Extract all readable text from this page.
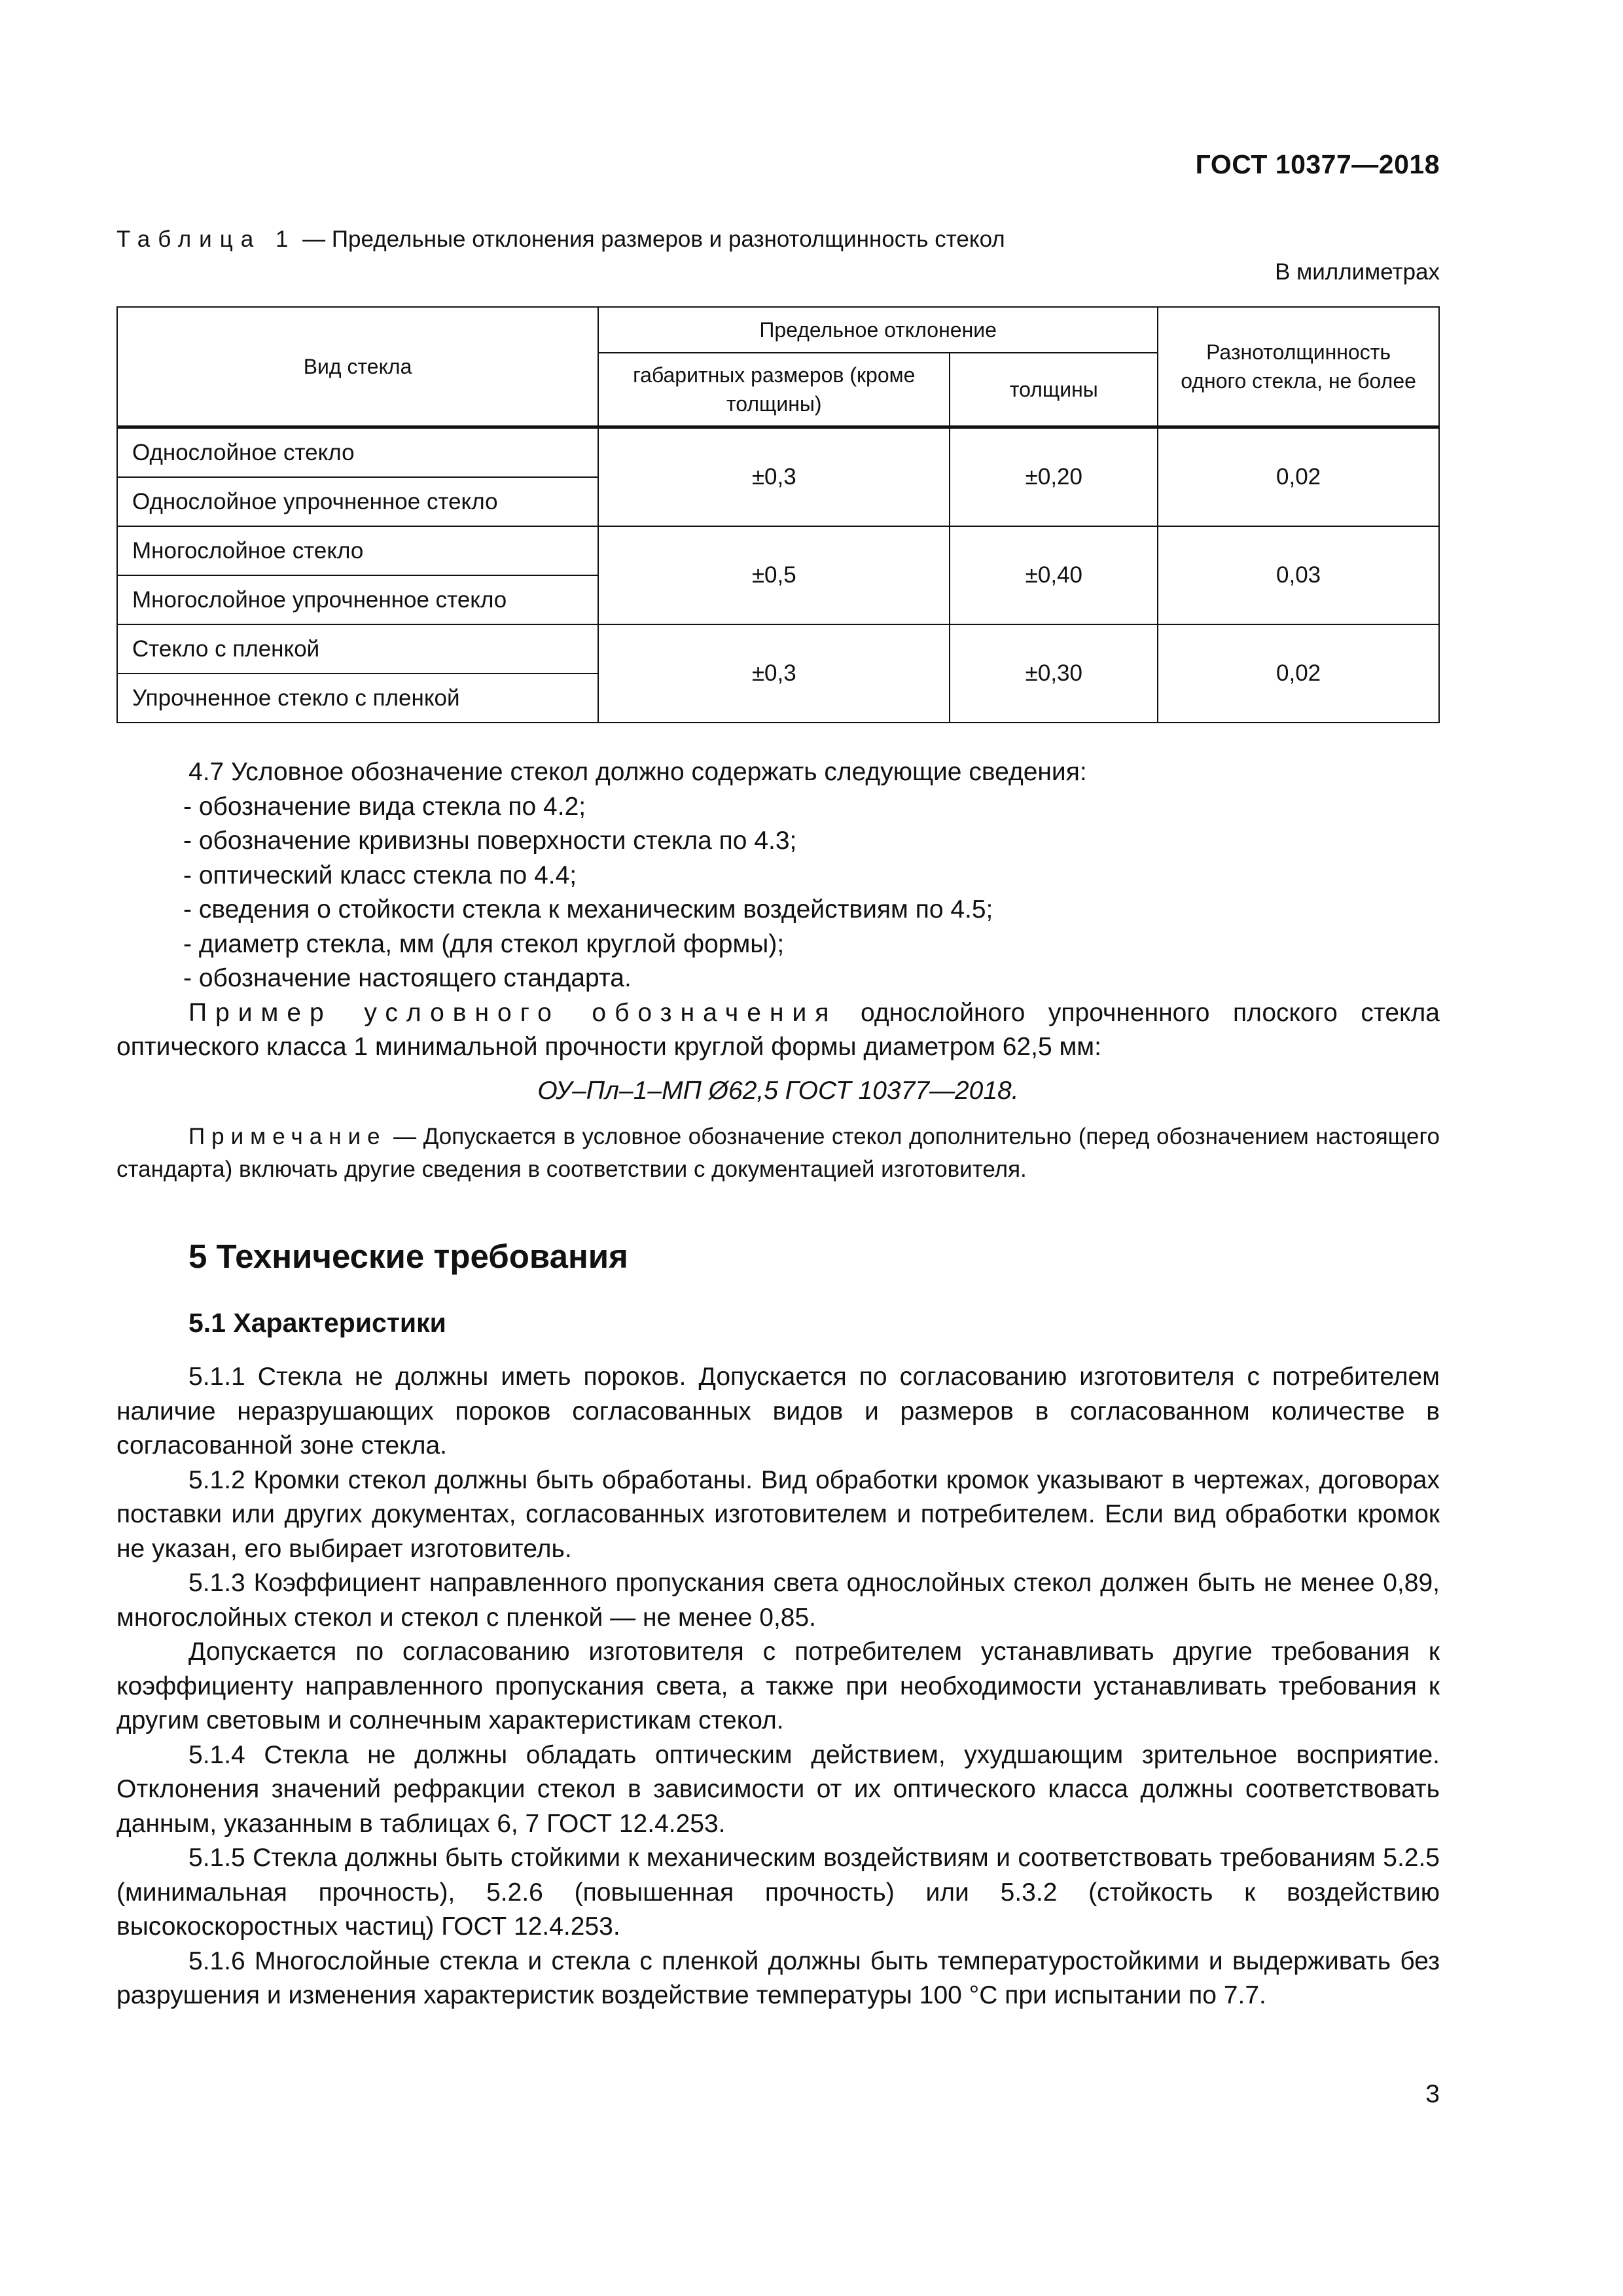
ГОСТ 10377—2018
Таблица 1 — Предельные отклонения размеров и разнотолщинность стекол
В миллиметрах
Вид стекла	Предельное отклонение		Разнотолщинность одного стекла, не более
	габаритных размеров (кроме толщины)	толщины	
Однослойное стекло	±0,3	±0,20	0,02
Однослойное упрочненное стекло			
Многослойное стекло	±0,5	±0,40	0,03
Многослойное упрочненное стекло			
Стекло с пленкой	±0,3	±0,30	0,02
Упрочненное стекло с пленкой			

4.7 Условное обозначение стекол должно содержать следующие сведения:

- обозначение вида стекла по 4.2;

- обозначение кривизны поверхности стекла по 4.3;

- оптический класс стекла по 4.4;

- сведения о стойкости стекла к механическим воздействиям по 4.5;

- диаметр стекла, мм (для стекол круглой формы);

- обозначение настоящего стандарта.

Пример условного обозначения однослойного упрочненного плоского стекла оптического класса 1 минимальной прочности круглой формы диаметром 62,5 мм:

ОУ–Пл–1–МП Ø62,5 ГОСТ 10377—2018.

Примечание — Допускается в условное обозначение стекол дополнительно (перед обозначением настоящего стандарта) включать другие сведения в соответствии с документацией изготовителя.

5 Технические требования
5.1 Характеристики

5.1.1 Стекла не должны иметь пороков. Допускается по согласованию изготовителя с потребителем наличие неразрушающих пороков согласованных видов и размеров в согласованном количестве в согласованной зоне стекла.

5.1.2 Кромки стекол должны быть обработаны. Вид обработки кромок указывают в чертежах, договорах поставки или других документах, согласованных изготовителем и потребителем. Если вид обработки кромок не указан, его выбирает изготовитель.

5.1.3 Коэффициент направленного пропускания света однослойных стекол должен быть не менее 0,89, многослойных стекол и стекол с пленкой — не менее 0,85.

Допускается по согласованию изготовителя с потребителем устанавливать другие требования к коэффициенту направленного пропускания света, а также при необходимости устанавливать требования к другим световым и солнечным характеристикам стекол.

5.1.4 Стекла не должны обладать оптическим действием, ухудшающим зрительное восприятие. Отклонения значений рефракции стекол в зависимости от их оптического класса должны соответствовать данным, указанным в таблицах 6, 7 ГОСТ 12.4.253.

5.1.5 Стекла должны быть стойкими к механическим воздействиям и соответствовать требованиям 5.2.5 (минимальная прочность), 5.2.6 (повышенная прочность) или 5.3.2 (стойкость к воздействию высокоскоростных частиц) ГОСТ 12.4.253.

5.1.6 Многослойные стекла и стекла с пленкой должны быть температуростойкими и выдерживать без разрушения и изменения характеристик воздействие температуры 100 °С при испытании по 7.7.

3
